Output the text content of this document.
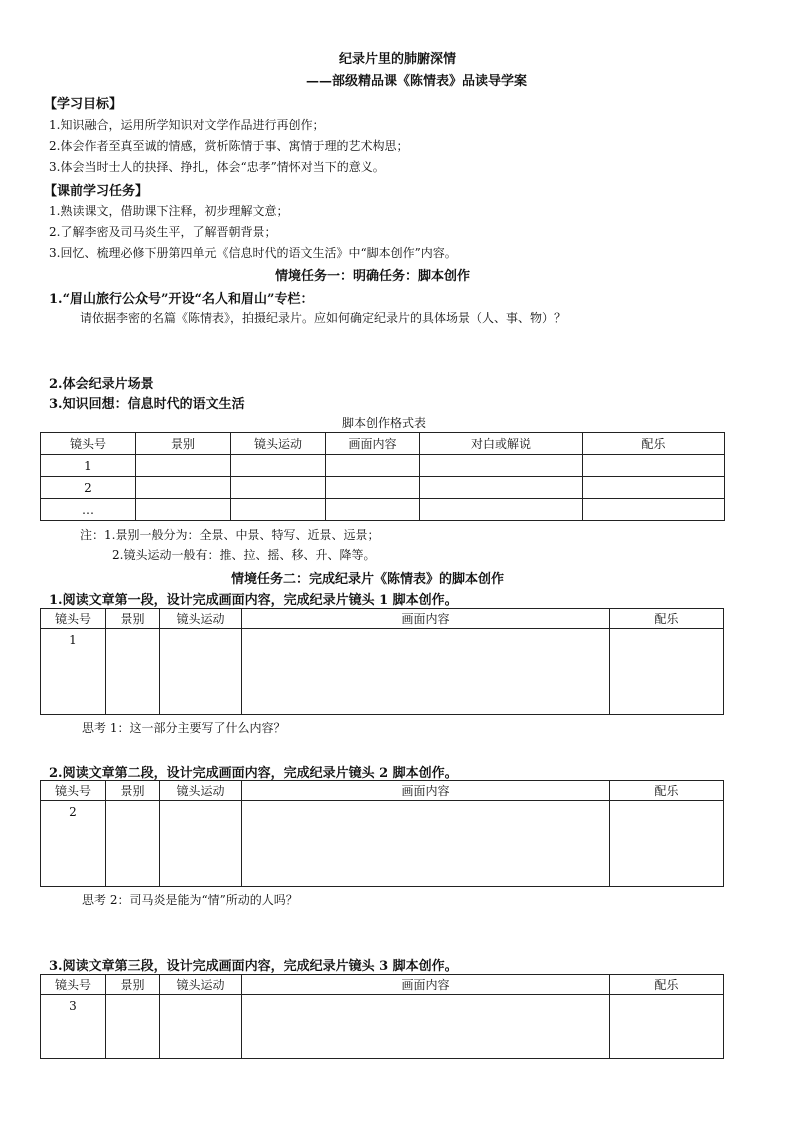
纪录片里的肺腑深情
——部级精品课《陈情表》品读导学案
【学习目标】
1.知识融合，运用所学知识对文学作品进行再创作；
2.体会作者至真至诚的情感，赏析陈情于事、寓情于理的艺术构思；
3.体会当时士人的抉择、挣扎，体会“忠孝”情怀对当下的意义。
【课前学习任务】
1.熟读课文，借助课下注释，初步理解文意；
2.了解李密及司马炎生平，了解晋朝背景；
3.回忆、梳理必修下册第四单元《信息时代的语文生活》中“脚本创作”内容。
情境任务一：明确任务：脚本创作
1.“眉山旅行公众号”开设“名人和眉山”专栏：
请依据李密的名篇《陈情表》，拍摄纪录片。应如何确定纪录片的具体场景（人、事、物）？
2.体会纪录片场景
3.知识回想：信息时代的语文生活
脚本创作格式表
镜头号	景别	镜头运动	画面内容	对白或解说	配乐
1					
2					
…					
注：1.景别一般分为：全景、中景、特写、近景、远景；
2.镜头运动一般有：推、拉、摇、移、升、降等。
情境任务二：完成纪录片《陈情表》的脚本创作
1.阅读文章第一段，设计完成画面内容，完成纪录片镜头 1 脚本创作。
镜头号	景别	镜头运动	画面内容	配乐
1				
思考 1：这一部分主要写了什么内容？
2.阅读文章第二段，设计完成画面内容，完成纪录片镜头 2 脚本创作。
镜头号	景别	镜头运动	画面内容	配乐
2				
思考 2：司马炎是能为“情”所动的人吗？
3.阅读文章第三段，设计完成画面内容，完成纪录片镜头 3 脚本创作。
镜头号	景别	镜头运动	画面内容	配乐
3				
